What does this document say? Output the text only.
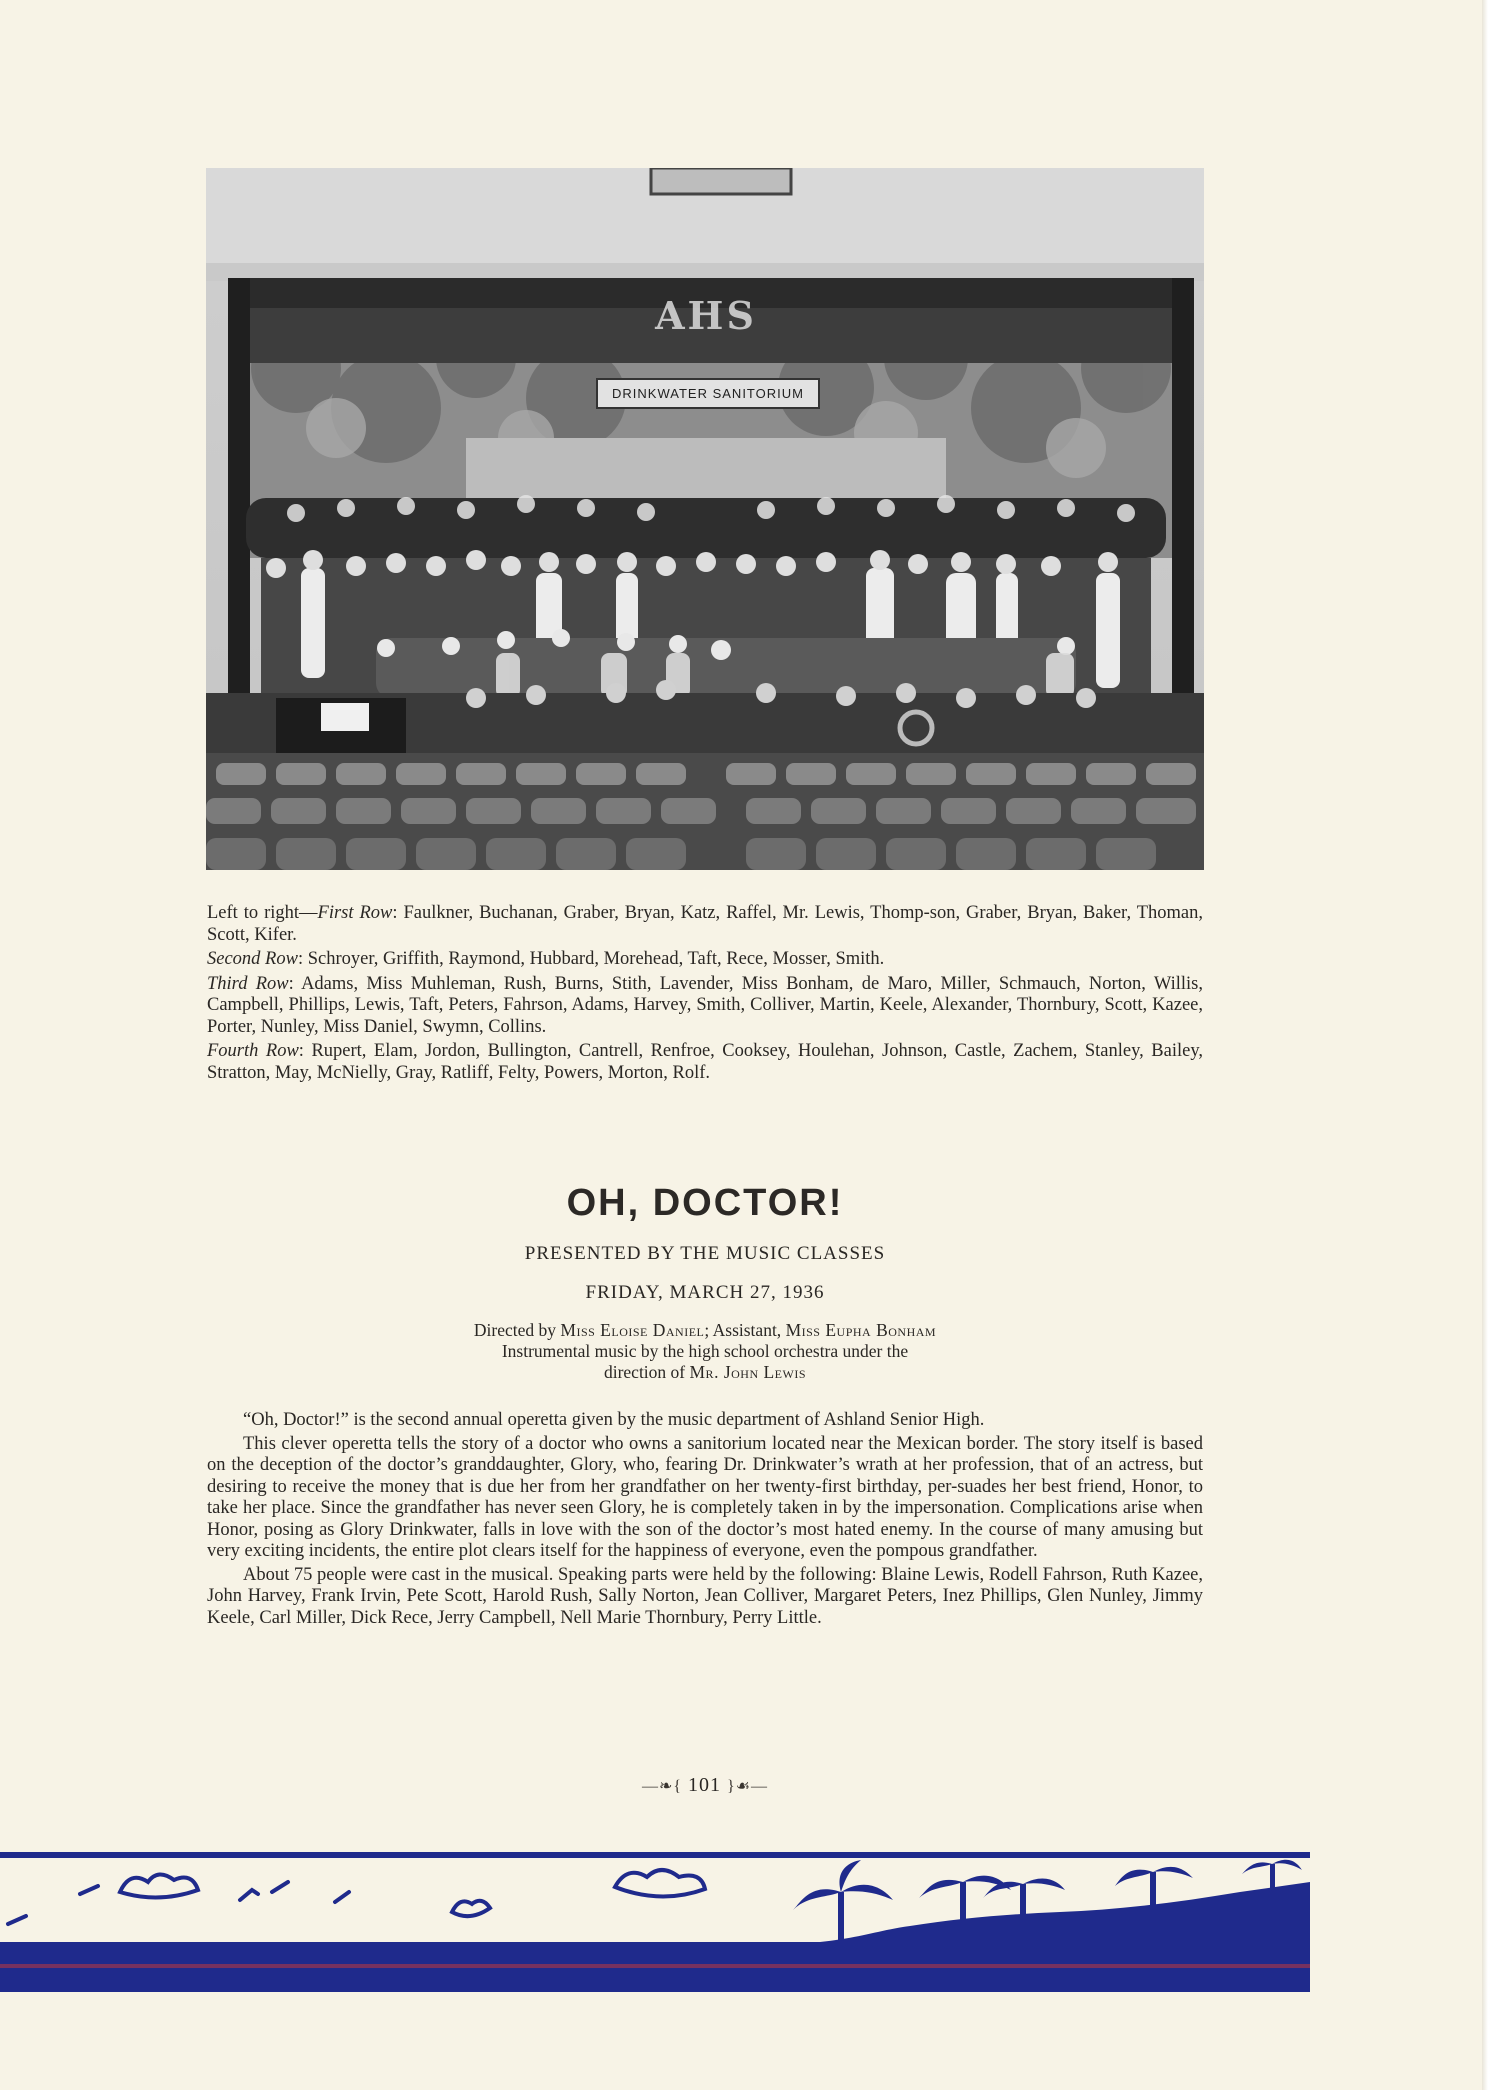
AHS
DRINKWATER SANITORIUM

Left to right—First Row: Faulkner, Buchanan, Graber, Bryan, Katz, Raffel, Mr. Lewis, Thomp-son, Graber, Bryan, Baker, Thoman, Scott, Kifer.

Second Row: Schroyer, Griffith, Raymond, Hubbard, Morehead, Taft, Rece, Mosser, Smith.

Third Row: Adams, Miss Muhleman, Rush, Burns, Stith, Lavender, Miss Bonham, de Maro, Miller, Schmauch, Norton, Willis, Campbell, Phillips, Lewis, Taft, Peters, Fahrson, Adams, Harvey, Smith, Colliver, Martin, Keele, Alexander, Thornbury, Scott, Kazee, Porter, Nunley, Miss Daniel, Swymn, Collins.

Fourth Row: Rupert, Elam, Jordon, Bullington, Cantrell, Renfroe, Cooksey, Houlehan, Johnson, Castle, Zachem, Stanley, Bailey, Stratton, May, McNielly, Gray, Ratliff, Felty, Powers, Morton, Rolf.

OH, DOCTOR!
PRESENTED BY THE MUSIC CLASSES
FRIDAY, MARCH 27, 1936
Directed by Miss Eloise Daniel; Assistant, Miss Eupha Bonham
Instrumental music by the high school orchestra under the
direction of Mr. John Lewis

“Oh, Doctor!” is the second annual operetta given by the music department of Ashland Senior High.

This clever operetta tells the story of a doctor who owns a sanitorium located near the Mexican border. The story itself is based on the deception of the doctor’s granddaughter, Glory, who, fearing Dr. Drinkwater’s wrath at her profession, that of an actress, but desiring to receive the money that is due her from her grandfather on her twenty-first birthday, per-suades her best friend, Honor, to take her place. Since the grandfather has never seen Glory, he is completely taken in by the impersonation. Complications arise when Honor, posing as Glory Drinkwater, falls in love with the son of the doctor’s most hated enemy. In the course of many amusing but very exciting incidents, the entire plot clears itself for the happiness of everyone, even the pompous grandfather.

About 75 people were cast in the musical. Speaking parts were held by the following: Blaine Lewis, Rodell Fahrson, Ruth Kazee, John Harvey, Frank Irvin, Pete Scott, Harold Rush, Sally Norton, Jean Colliver, Margaret Peters, Inez Phillips, Glen Nunley, Jimmy Keele, Carl Miller, Dick Rece, Jerry Campbell, Nell Marie Thornbury, Perry Little.

—❧{ 101 }☙—
